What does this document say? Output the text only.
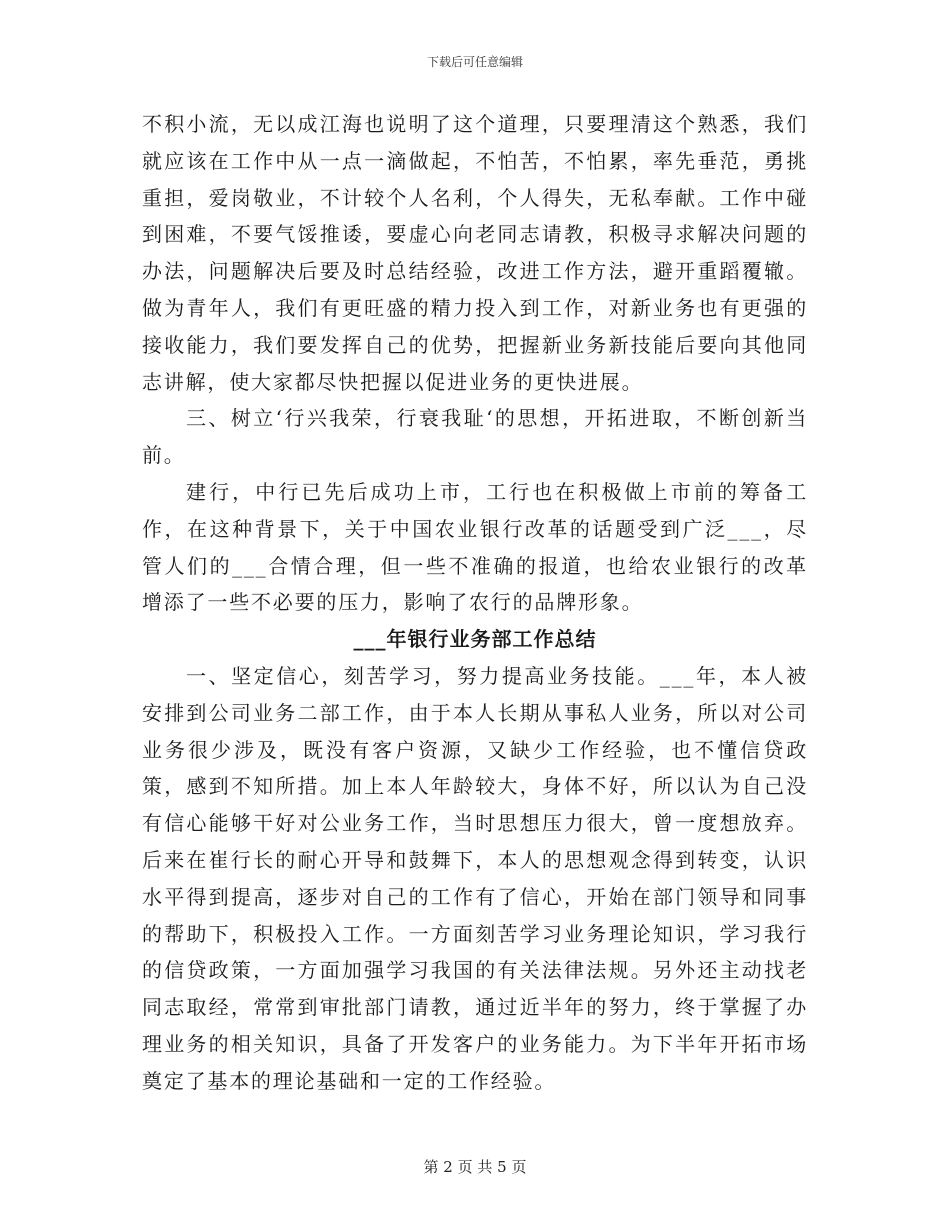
下载后可任意编辑

不积小流，无以成江海也说明了这个道理，只要理清这个熟悉，我们就应该在工作中从一点一滴做起，不怕苦，不怕累，率先垂范，勇挑重担，爱岗敬业，不计较个人名利，个人得失，无私奉献。工作中碰到困难，不要气馁推诿，要虚心向老同志请教，积极寻求解决问题的办法，问题解决后要及时总结经验，改进工作方法，避开重蹈覆辙。做为青年人，我们有更旺盛的精力投入到工作，对新业务也有更强的接收能力，我们要发挥自己的优势，把握新业务新技能后要向其他同志讲解，使大家都尽快把握以促进业务的更快进展。

三、树立‘行兴我荣，行衰我耻‘的思想，开拓进取，不断创新当前。

建行，中行已先后成功上市，工行也在积极做上市前的筹备工作，在这种背景下，关于中国农业银行改革的话题受到广泛___，尽管人们的___合情合理，但一些不准确的报道，也给农业银行的改革增添了一些不必要的压力，影响了农行的品牌形象。

___年银行业务部工作总结

一、坚定信心，刻苦学习，努力提高业务技能。___年，本人被安排到公司业务二部工作，由于本人长期从事私人业务，所以对公司业务很少涉及，既没有客户资源，又缺少工作经验，也不懂信贷政策，感到不知所措。加上本人年龄较大，身体不好，所以认为自己没有信心能够干好对公业务工作，当时思想压力很大，曾一度想放弃。后来在崔行长的耐心开导和鼓舞下，本人的思想观念得到转变，认识水平得到提高，逐步对自己的工作有了信心，开始在部门领导和同事的帮助下，积极投入工作。一方面刻苦学习业务理论知识，学习我行的信贷政策，一方面加强学习我国的有关法律法规。另外还主动找老同志取经，常常到审批部门请教，通过近半年的努力，终于掌握了办理业务的相关知识，具备了开发客户的业务能力。为下半年开拓市场奠定了基本的理论基础和一定的工作经验。

第 2 页 共 5 页
